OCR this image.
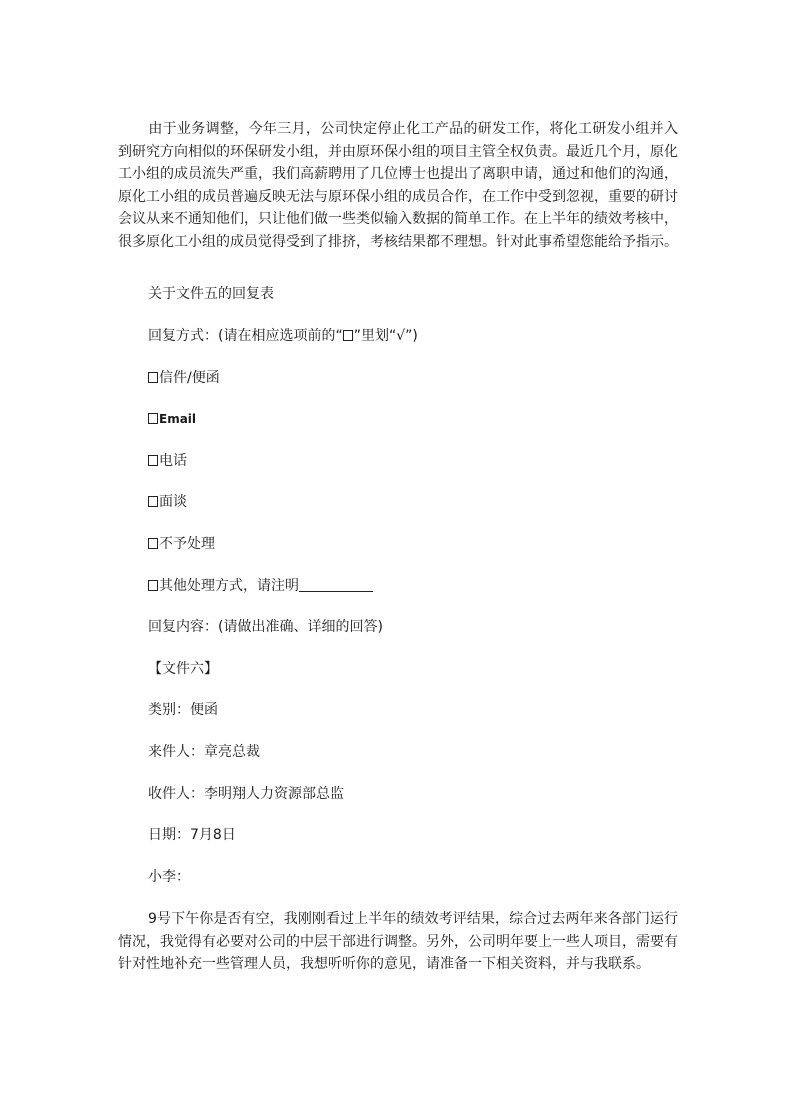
由于业务调整，今年三月，公司快定停止化工产品的研发工作，将化工研发小组并入到研究方向相似的环保研发小组，并由原环保小组的项目主管全权负责。最近几个月，原化工小组的成员流失严重，我们高薪聘用了几位博士也提出了离职申请，通过和他们的沟通，原化工小组的成员普遍反映无法与原环保小组的成员合作，在工作中受到忽视，重要的研讨会议从来不通知他们，只让他们做一些类似输入数据的简单工作。在上半年的绩效考核中，很多原化工小组的成员觉得受到了排挤，考核结果都不理想。针对此事希望您能给予指示。

关于文件五的回复表

回复方式：(请在相应选项前的“ ”里划“√”)

信件/便函

Email

电话

面谈

不予处理

其他处理方式，请注明

回复内容：(请做出准确、详细的回答)

【文件六】

类别：便函

来件人：章亮总裁

收件人：李明翔人力资源部总监

日期：7月8日

小李：

9号下午你是否有空，我刚刚看过上半年的绩效考评结果，综合过去两年来各部门运行情况，我觉得有必要对公司的中层干部进行调整。另外，公司明年要上一些人项目，需要有针对性地补充一些管理人员，我想听听你的意见，请准备一下相关资料，并与我联系。
